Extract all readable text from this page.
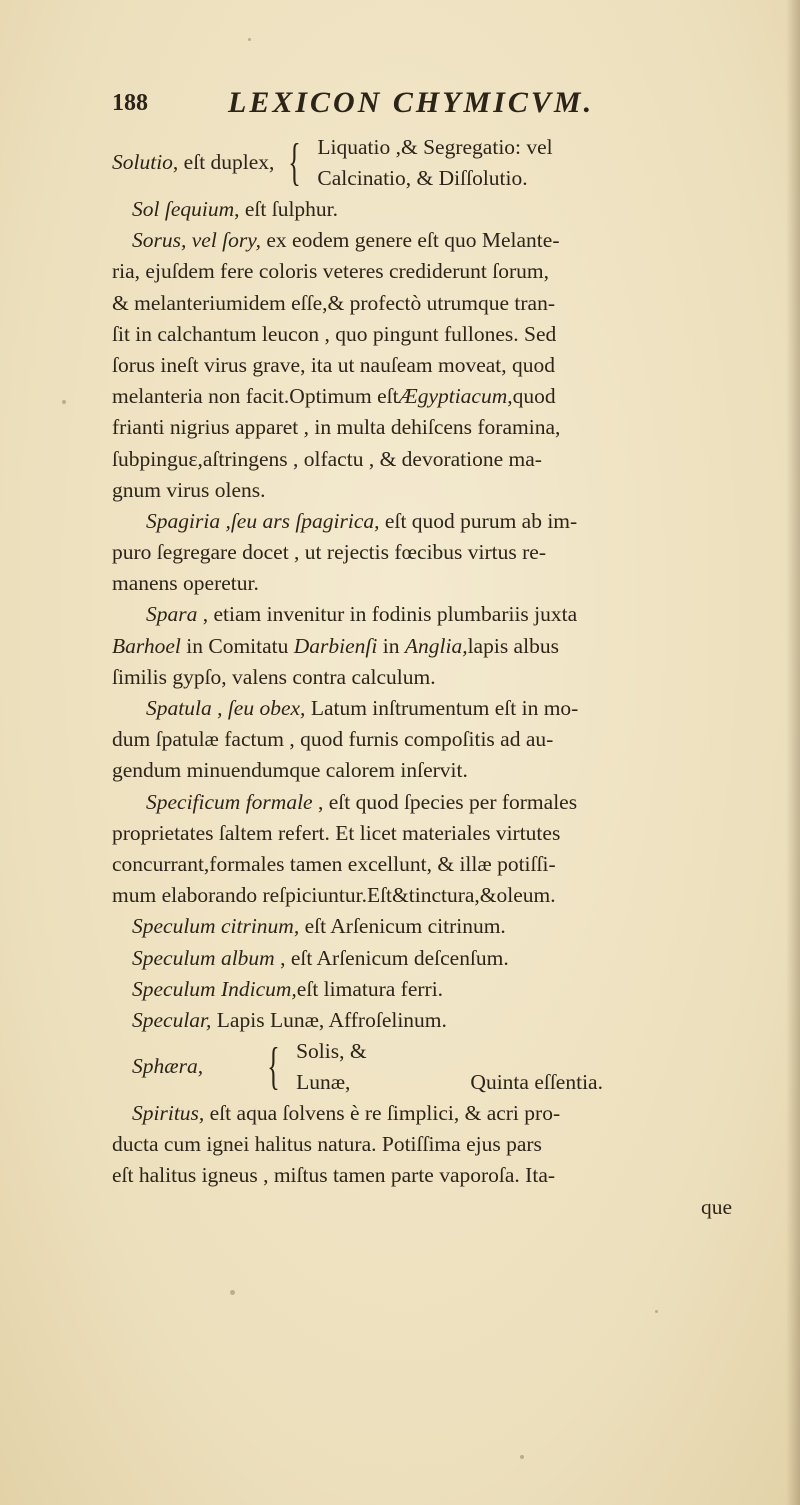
188	LEXICON CHYMICVM.
Solutio, eſt duplex, { Liquatio ,& Segregatio: vel
Calcinatio, & Diſſolutio.
Sol ſequium, eſt ſulphur.
Sorus, vel ſory, ex eodem genere eſt quo Melante-
ria, ejuſdem fere coloris veteres crediderunt ſorum,
& melanteriumidem eſſe,& profectò utrumque tran-
ſit in calchantum leucon , quo pingunt fullones. Sed
ſorus ineſt virus grave, ita ut nauſeam moveat, quod
melanteria non facit.Optimum eſtÆgyptiacum,quod
frianti nigrius apparet , in multa dehiſcens foramina,
ſubpinguε,aſtringens , olfactu , & devoratione ma-
gnum virus olens.
Spagiria ,ſeu ars ſpagirica, eſt quod purum ab im-
puro ſegregare docet , ut rejectis fœcibus virtus re-
manens operetur.
Spara , etiam invenitur in fodinis plumbariis juxta
Barhoel in Comitatu Darbienſi in Anglia,lapis albus
ſimilis gypſo, valens contra calculum.
Spatula , ſeu obex, Latum inſtrumentum eſt in mo-
dum ſpatulæ factum , quod furnis compoſitis ad au-
gendum minuendumque calorem inſervit.
Specificum formale , eſt quod ſpecies per formales
proprietates ſaltem refert. Et licet materiales virtutes
concurrant,formales tamen excellunt, & illæ potiſſi-
mum elaborando reſpiciuntur.Eſt&tinctura,&oleum.
Speculum citrinum, eſt Arſenicum citrinum.
Speculum album , eſt Arſenicum deſcenſum.
Speculum Indicum,eſt limatura ferri.
Specular, Lapis Lunæ, Affroſelinum.
Sphæra, { Solis, &
Lunæ,	Quinta eſſentia.
Spiritus, eſt aqua ſolvens è re ſimplici, & acri pro-
ducta cum ignei halitus natura. Potiſſima ejus pars
eſt halitus igneus , miſtus tamen parte vaporoſa. Ita-
que
